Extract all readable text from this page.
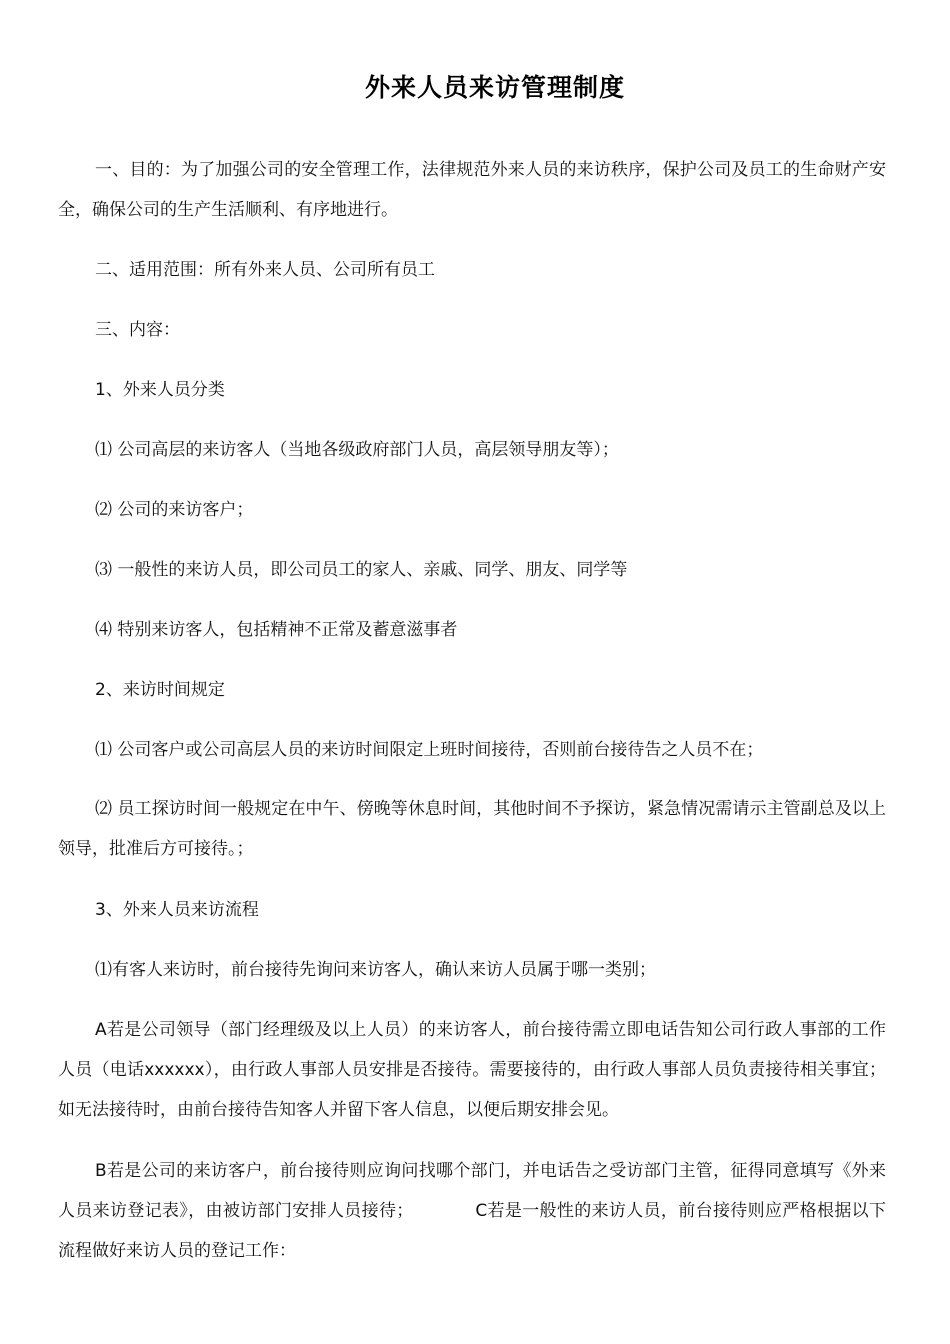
外来人员来访管理制度
一、目的：为了加强公司的安全管理工作，法律规范外来人员的来访秩序，保护公司及员工的生命财产安全，确保公司的生产生活顺利、有序地进行。
二、适用范围：所有外来人员、公司所有员工
三、内容：
1、外来人员分类
⑴ 公司高层的来访客人（当地各级政府部门人员，高层领导朋友等）；
⑵ 公司的来访客户；
⑶ 一般性的来访人员，即公司员工的家人、亲戚、同学、朋友、同学等
⑷ 特别来访客人，包括精神不正常及蓄意滋事者
2、来访时间规定
⑴ 公司客户或公司高层人员的来访时间限定上班时间接待，否则前台接待告之人员不在；
⑵ 员工探访时间一般规定在中午、傍晚等休息时间，其他时间不予探访，紧急情况需请示主管副总及以上领导，批准后方可接待。；
3、外来人员来访流程
⑴有客人来访时，前台接待先询问来访客人，确认来访人员属于哪一类别；
A若是公司领导（部门经理级及以上人员）的来访客人，前台接待需立即电话告知公司行政人事部的工作人员（电话xxxxxx），由行政人事部人员安排是否接待。需要接待的，由行政人事部人员负责接待相关事宜；如无法接待时，由前台接待告知客人并留下客人信息，以便后期安排会见。
B若是公司的来访客户，前台接待则应询问找哪个部门，并电话告之受访部门主管，征得同意填写《外来人员来访登记表》，由被访部门安排人员接待；	C若是一般性的来访人员，前台接待则应严格根据以下流程做好来访人员的登记工作：
